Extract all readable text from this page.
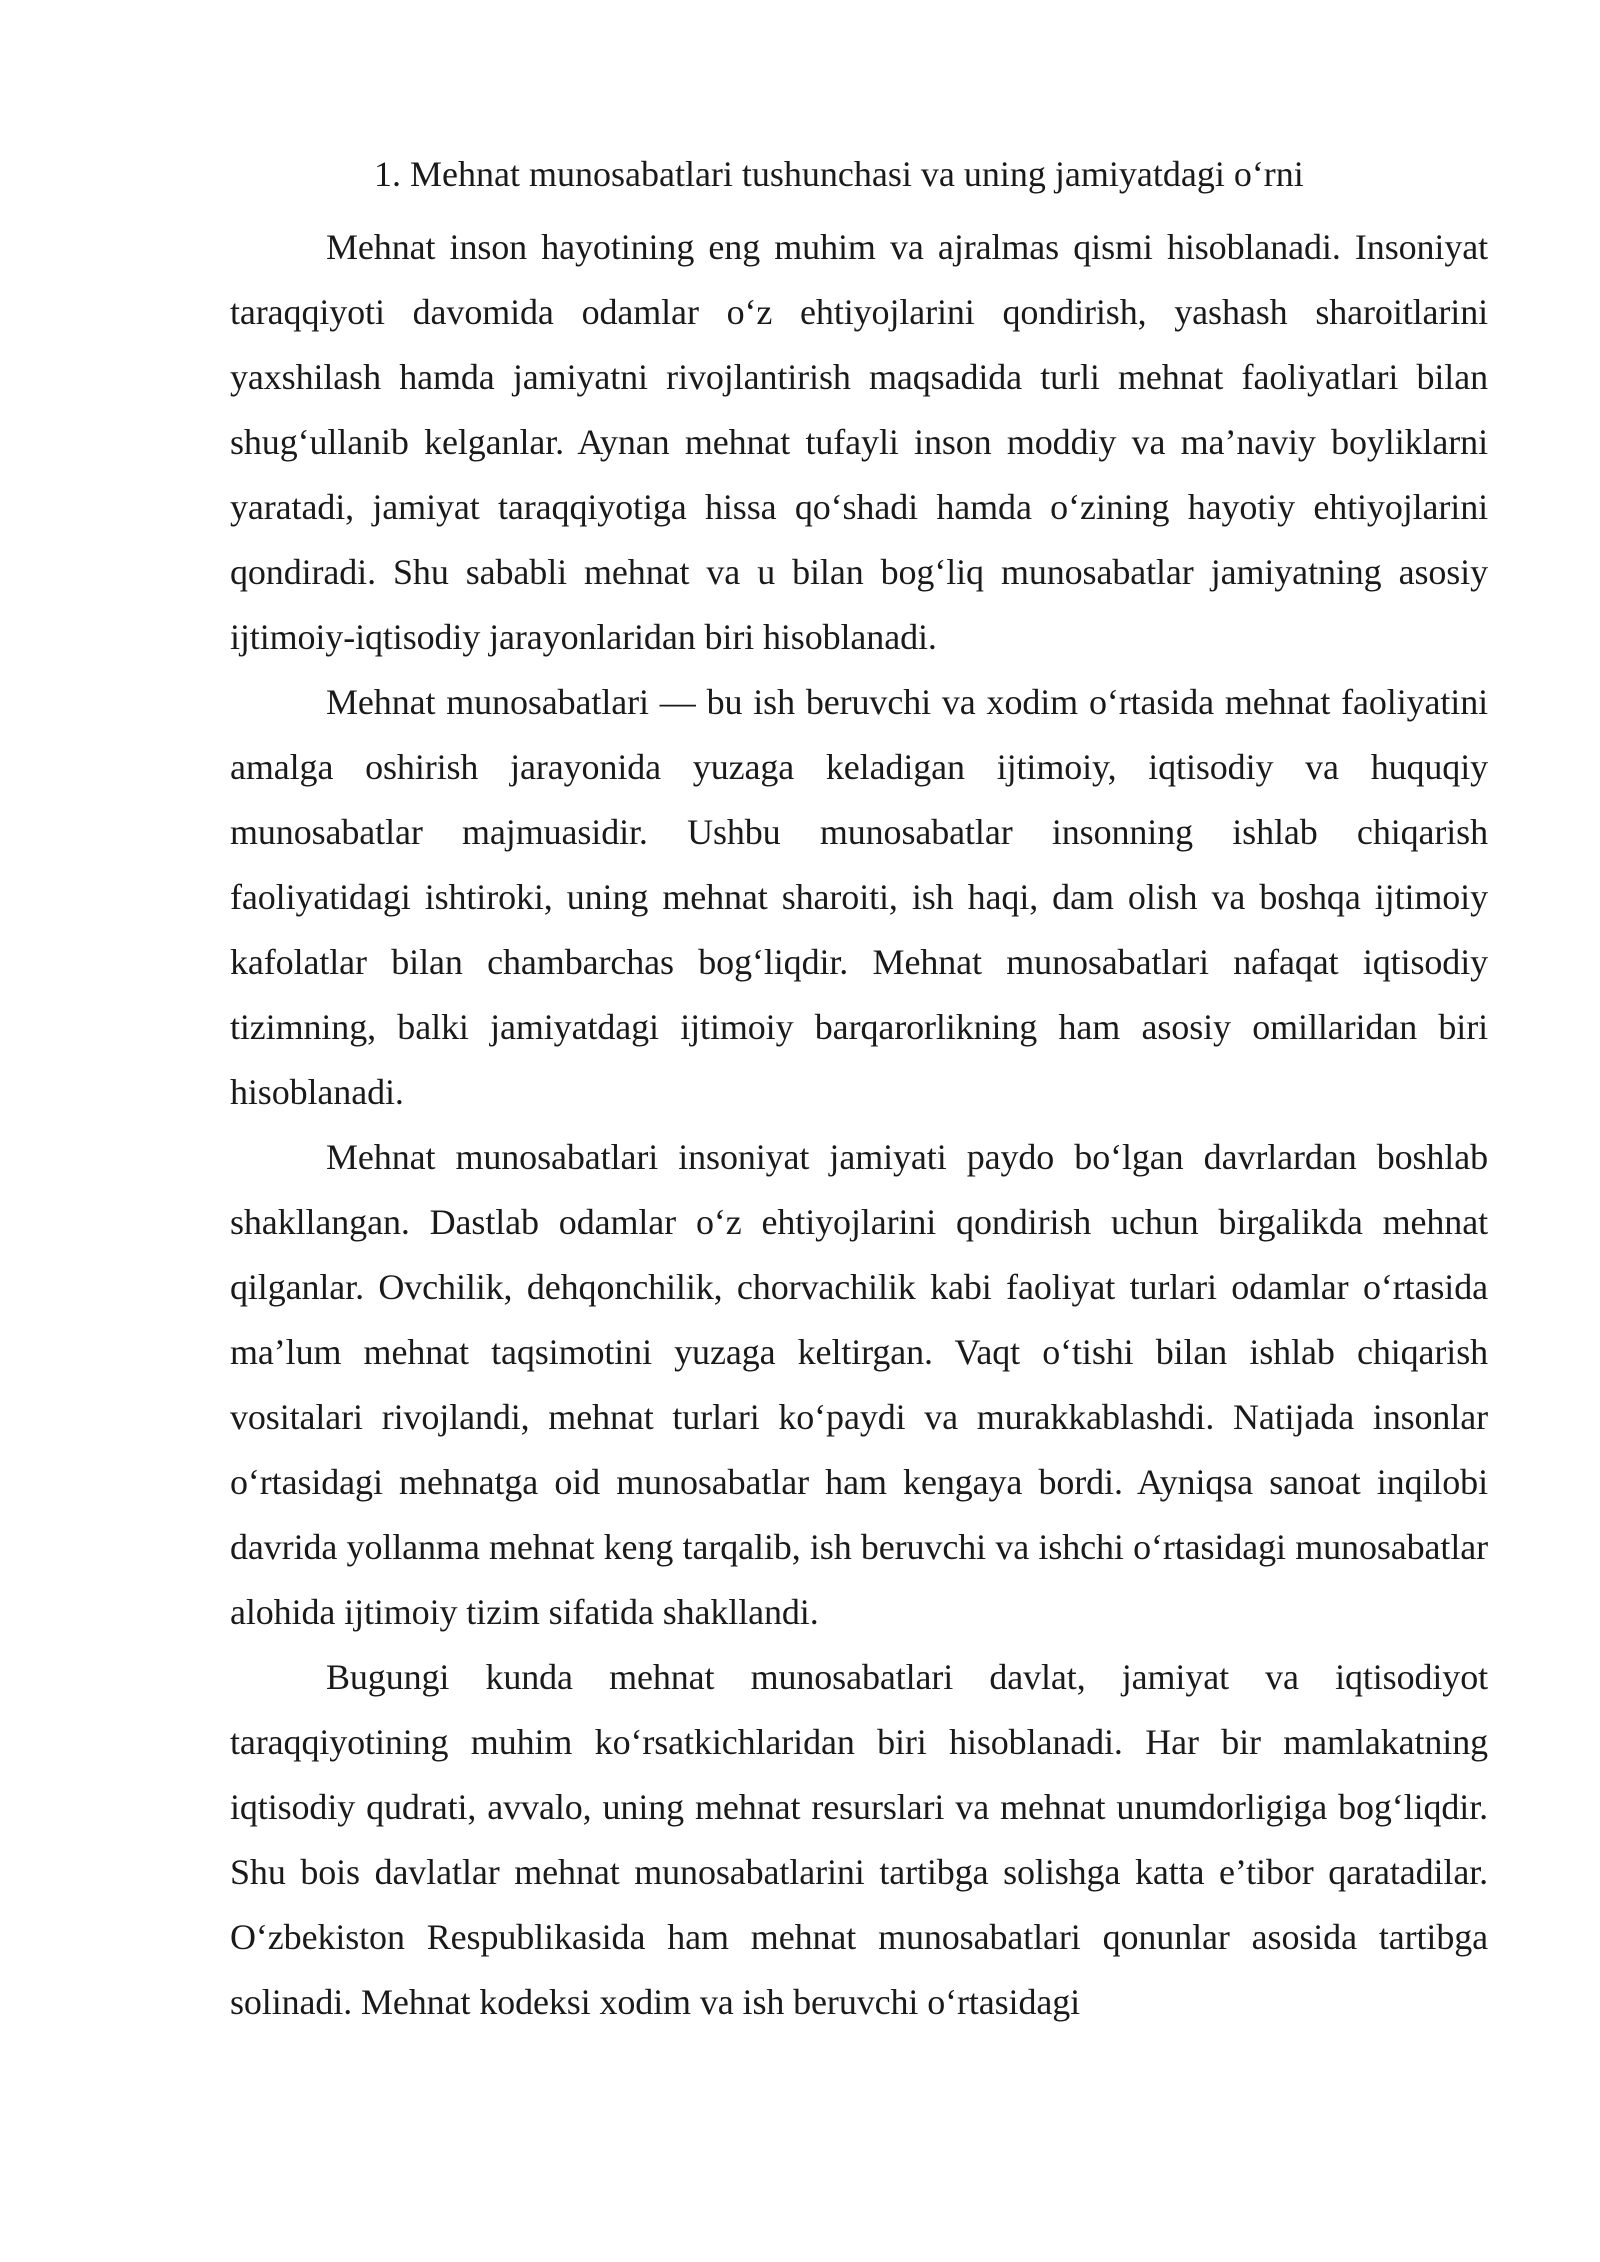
1. Mehnat munosabatlari tushunchasi va uning jamiyatdagi o‘rni

Mehnat inson hayotining eng muhim va ajralmas qismi hisoblanadi. Insoniyat taraqqiyoti davomida odamlar o‘z ehtiyojlarini qondirish, yashash sharoitlarini yaxshilash hamda jamiyatni rivojlantirish maqsadida turli mehnat faoliyatlari bilan shug‘ullanib kelganlar. Aynan mehnat tufayli inson moddiy va ma’naviy boyliklarni yaratadi, jamiyat taraqqiyotiga hissa qo‘shadi hamda o‘zining hayotiy ehtiyojlarini qondiradi. Shu sababli mehnat va u bilan bog‘liq munosabatlar jamiyatning asosiy ijtimoiy-iqtisodiy jarayonlaridan biri hisoblanadi.

Mehnat munosabatlari — bu ish beruvchi va xodim o‘rtasida mehnat faoliyatini amalga oshirish jarayonida yuzaga keladigan ijtimoiy, iqtisodiy va huquqiy munosabatlar majmuasidir. Ushbu munosabatlar insonning ishlab chiqarish faoliyatidagi ishtiroki, uning mehnat sharoiti, ish haqi, dam olish va boshqa ijtimoiy kafolatlar bilan chambarchas bog‘liqdir. Mehnat munosabatlari nafaqat iqtisodiy tizimning, balki jamiyatdagi ijtimoiy barqarorlikning ham asosiy omillaridan biri hisoblanadi.

Mehnat munosabatlari insoniyat jamiyati paydo bo‘lgan davrlardan boshlab shakllangan. Dastlab odamlar o‘z ehtiyojlarini qondirish uchun birgalikda mehnat qilganlar. Ovchilik, dehqonchilik, chorvachilik kabi faoliyat turlari odamlar o‘rtasida ma’lum mehnat taqsimotini yuzaga keltirgan. Vaqt o‘tishi bilan ishlab chiqarish vositalari rivojlandi, mehnat turlari ko‘paydi va murakkablashdi. Natijada insonlar o‘rtasidagi mehnatga oid munosabatlar ham kengaya bordi. Ayniqsa sanoat inqilobi davrida yollanma mehnat keng tarqalib, ish beruvchi va ishchi o‘rtasidagi munosabatlar alohida ijtimoiy tizim sifatida shakllandi.

Bugungi kunda mehnat munosabatlari davlat, jamiyat va iqtisodiyot taraqqiyotining muhim ko‘rsatkichlaridan biri hisoblanadi. Har bir mamlakatning iqtisodiy qudrati, avvalo, uning mehnat resurslari va mehnat unumdorligiga bog‘liqdir. Shu bois davlatlar mehnat munosabatlarini tartibga solishga katta e’tibor qaratadilar. O‘zbekiston Respublikasida ham mehnat munosabatlari qonunlar asosida tartibga solinadi. Mehnat kodeksi xodim va ish beruvchi o‘rtasidagi
